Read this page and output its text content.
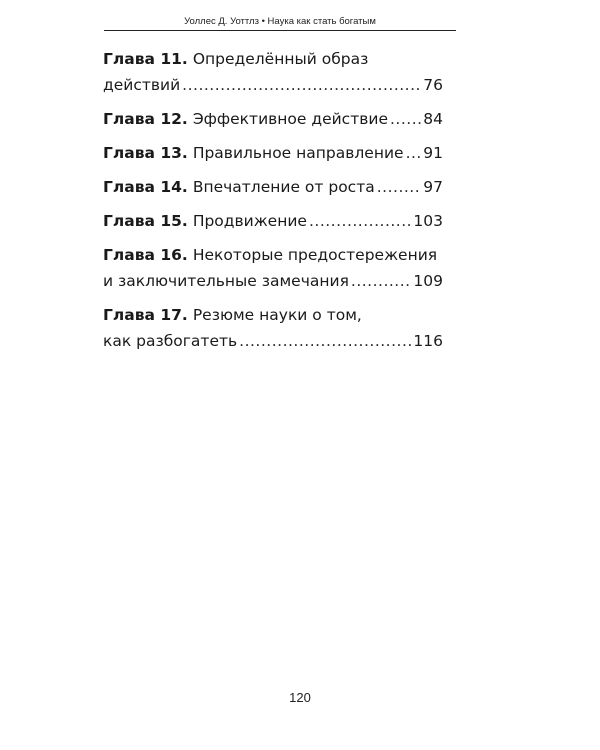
Уоллес Д. Уоттлз • Наука как стать богатым
Глава 11. Определённый образ
действий .....	76
Глава 12. Эффективное действие ..... 84
Глава 13. Правильное направление ..... 91
Глава 14. Впечатление от роста .....	97
Глава 15. Продвижение .....	103
Глава 16. Некоторые предостережения
и заключительные замечания .....	109
Глава 17. Резюме науки о том,
как разбогатеть .....	116
120
